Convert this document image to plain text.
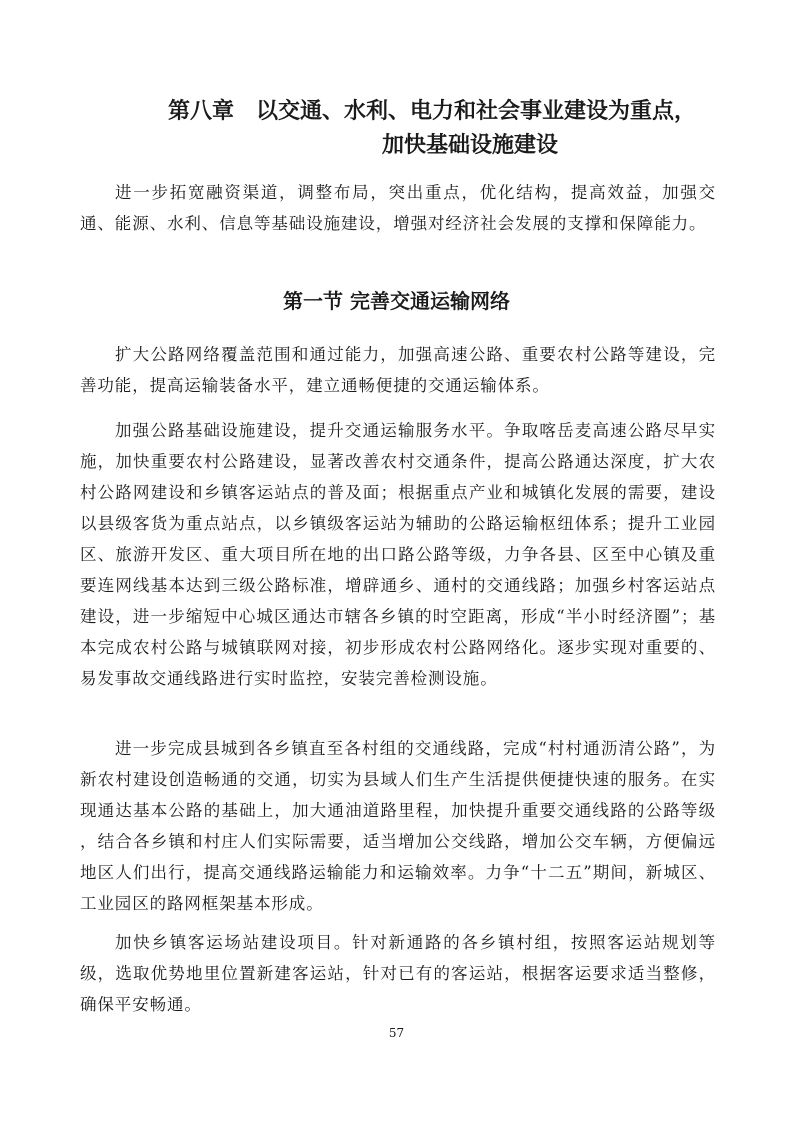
第八章　以交通、水利、电力和社会事业建设为重点，
加快基础设施建设

进一步拓宽融资渠道，调整布局，突出重点，优化结构，提高效益，加强交通、能源、水利、信息等基础设施建设，增强对经济社会发展的支撑和保障能力。

第一节 完善交通运输网络

扩大公路网络覆盖范围和通过能力，加强高速公路、重要农村公路等建设，完善功能，提高运输装备水平，建立通畅便捷的交通运输体系。

加强公路基础设施建设，提升交通运输服务水平。争取喀岳麦高速公路尽早实施，加快重要农村公路建设，显著改善农村交通条件，提高公路通达深度，扩大农村公路网建设和乡镇客运站点的普及面；根据重点产业和城镇化发展的需要，建设以县级客货为重点站点，以乡镇级客运站为辅助的公路运输枢纽体系；提升工业园区、旅游开发区、重大项目所在地的出口路公路等级，力争各县、区至中心镇及重要连网线基本达到三级公路标准，增辟通乡、通村的交通线路；加强乡村客运站点建设，进一步缩短中心城区通达市辖各乡镇的时空距离，形成“半小时经济圈”；基本完成农村公路与城镇联网对接，初步形成农村公路网络化。逐步实现对重要的、易发事故交通线路进行实时监控，安装完善检测设施。

进一步完成县城到各乡镇直至各村组的交通线路，完成“村村通沥清公路”，为新农村建设创造畅通的交通，切实为县域人们生产生活提供便捷快速的服务。在实现通达基本公路的基础上，加大通油道路里程，加快提升重要交通线路的公路等级 ，结合各乡镇和村庄人们实际需要，适当增加公交线路，增加公交车辆，方便偏远地区人们出行，提高交通线路运输能力和运输效率。力争“十二五”期间，新城区、工业园区的路网框架基本形成。

加快乡镇客运场站建设项目。针对新通路的各乡镇村组，按照客运站规划等级，选取优势地里位置新建客运站，针对已有的客运站，根据客运要求适当整修，确保平安畅通。

57
